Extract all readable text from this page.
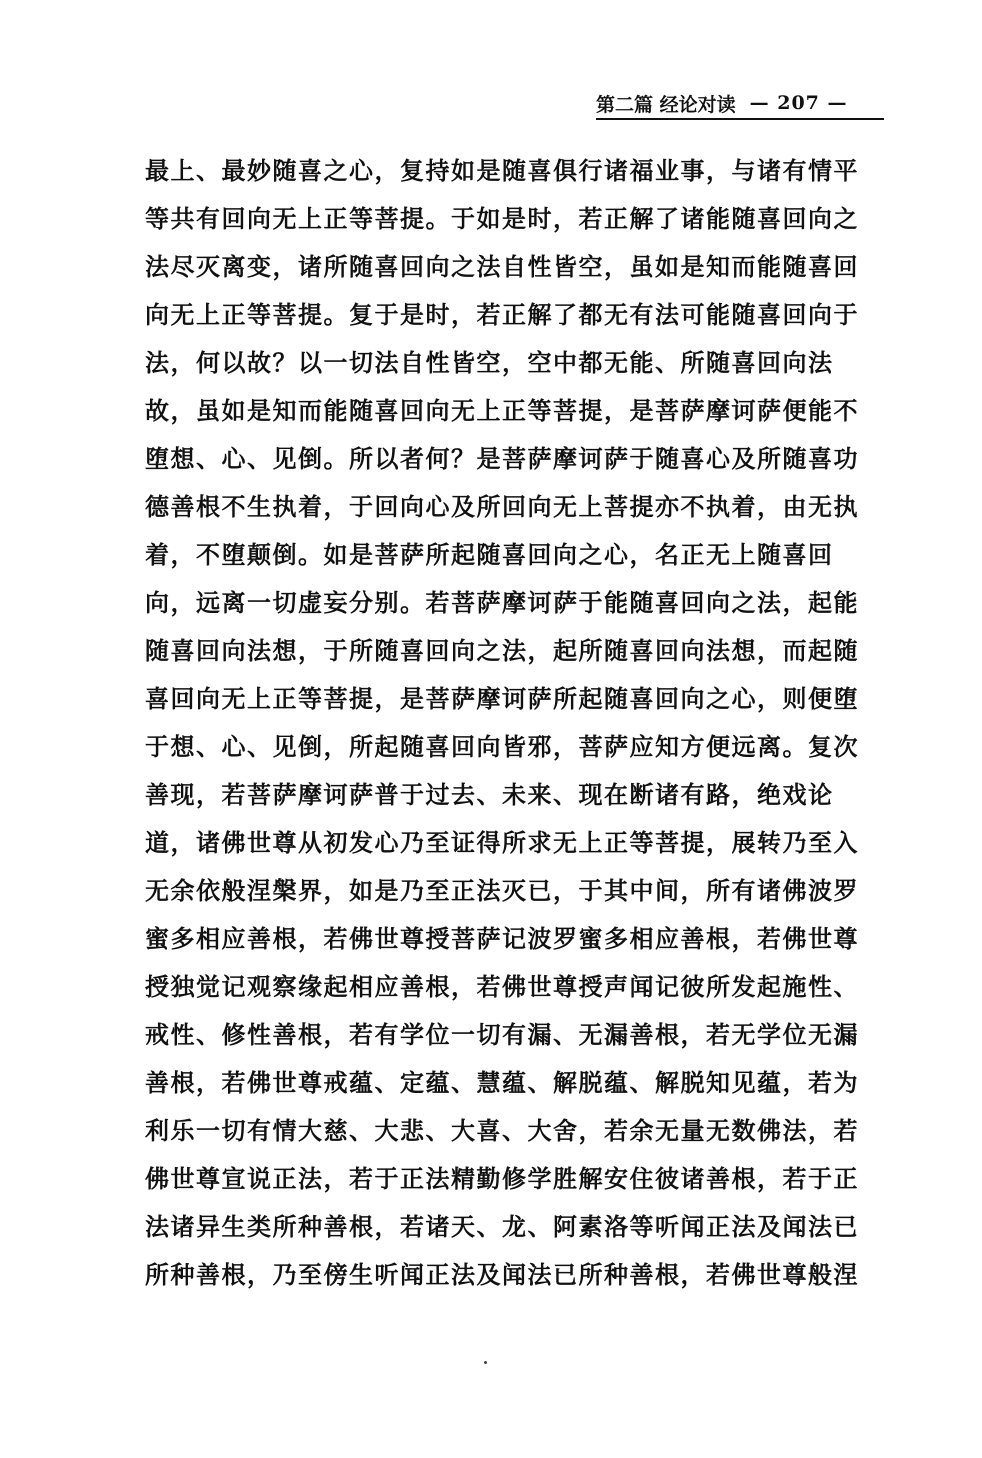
第二篇 经论对读 — 207 —
最上、最妙随喜之心，复持如是随喜俱行诸福业事，与诸有情平
等共有回向无上正等菩提。于如是时，若正解了诸能随喜回向之
法尽灭离变，诸所随喜回向之法自性皆空，虽如是知而能随喜回
向无上正等菩提。复于是时，若正解了都无有法可能随喜回向于
法，何以故？以一切法自性皆空，空中都无能、所随喜回向法
故，虽如是知而能随喜回向无上正等菩提，是菩萨摩诃萨便能不
堕想、心、见倒。所以者何？是菩萨摩诃萨于随喜心及所随喜功
德善根不生执着，于回向心及所回向无上菩提亦不执着，由无执
着，不堕颠倒。如是菩萨所起随喜回向之心，名正无上随喜回
向，远离一切虚妄分别。若菩萨摩诃萨于能随喜回向之法，起能
随喜回向法想，于所随喜回向之法，起所随喜回向法想，而起随
喜回向无上正等菩提，是菩萨摩诃萨所起随喜回向之心，则便堕
于想、心、见倒，所起随喜回向皆邪，菩萨应知方便远离。复次
善现，若菩萨摩诃萨普于过去、未来、现在断诸有路，绝戏论
道，诸佛世尊从初发心乃至证得所求无上正等菩提，展转乃至入
无余依般涅槃界，如是乃至正法灭已，于其中间，所有诸佛波罗
蜜多相应善根，若佛世尊授菩萨记波罗蜜多相应善根，若佛世尊
授独觉记观察缘起相应善根，若佛世尊授声闻记彼所发起施性、
戒性、修性善根，若有学位一切有漏、无漏善根，若无学位无漏
善根，若佛世尊戒蕴、定蕴、慧蕴、解脱蕴、解脱知见蕴，若为
利乐一切有情大慈、大悲、大喜、大舍，若余无量无数佛法，若
佛世尊宣说正法，若于正法精勤修学胜解安住彼诸善根，若于正
法诸异生类所种善根，若诸天、龙、阿素洛等听闻正法及闻法已
所种善根，乃至傍生听闻正法及闻法已所种善根，若佛世尊般涅
